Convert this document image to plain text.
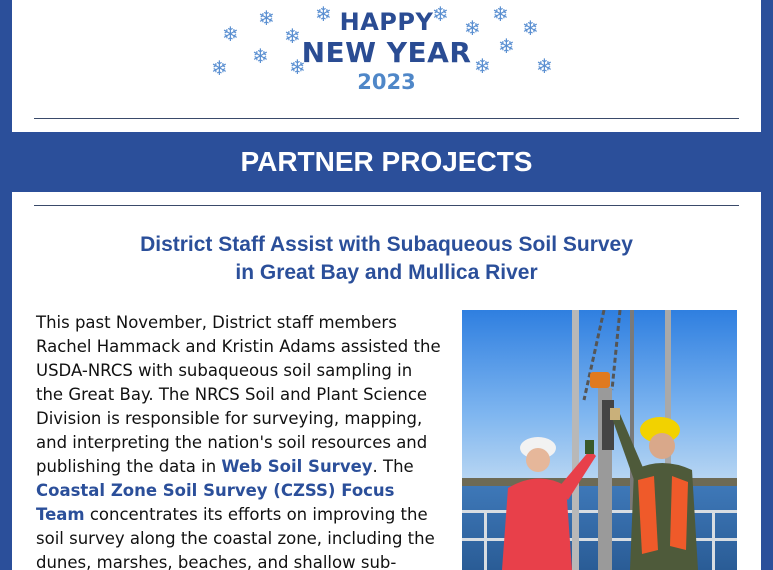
❄
❄
❄
❄
❄	❄
❄	❄
❄
❄
❄
❄
❄ ❄
HAPPY
NEW YEAR
2023
PARTNER PROJECTS
District Staff Assist with Subaqueous Soil Survey
in Great Bay and Mullica River
This past November, District staff members Rachel Hammack and Kristin Adams assisted the USDA-NRCS with subaqueous soil sampling in the Great Bay. The NRCS Soil and Plant Science Division is responsible for surveying, mapping, and interpreting the nation's soil resources and publishing the data in Web Soil Survey. The Coastal Zone Soil Survey (CZSS) Focus Team concentrates its efforts on improving the soil survey along the coastal zone, including the dunes, marshes, beaches, and shallow sub-
